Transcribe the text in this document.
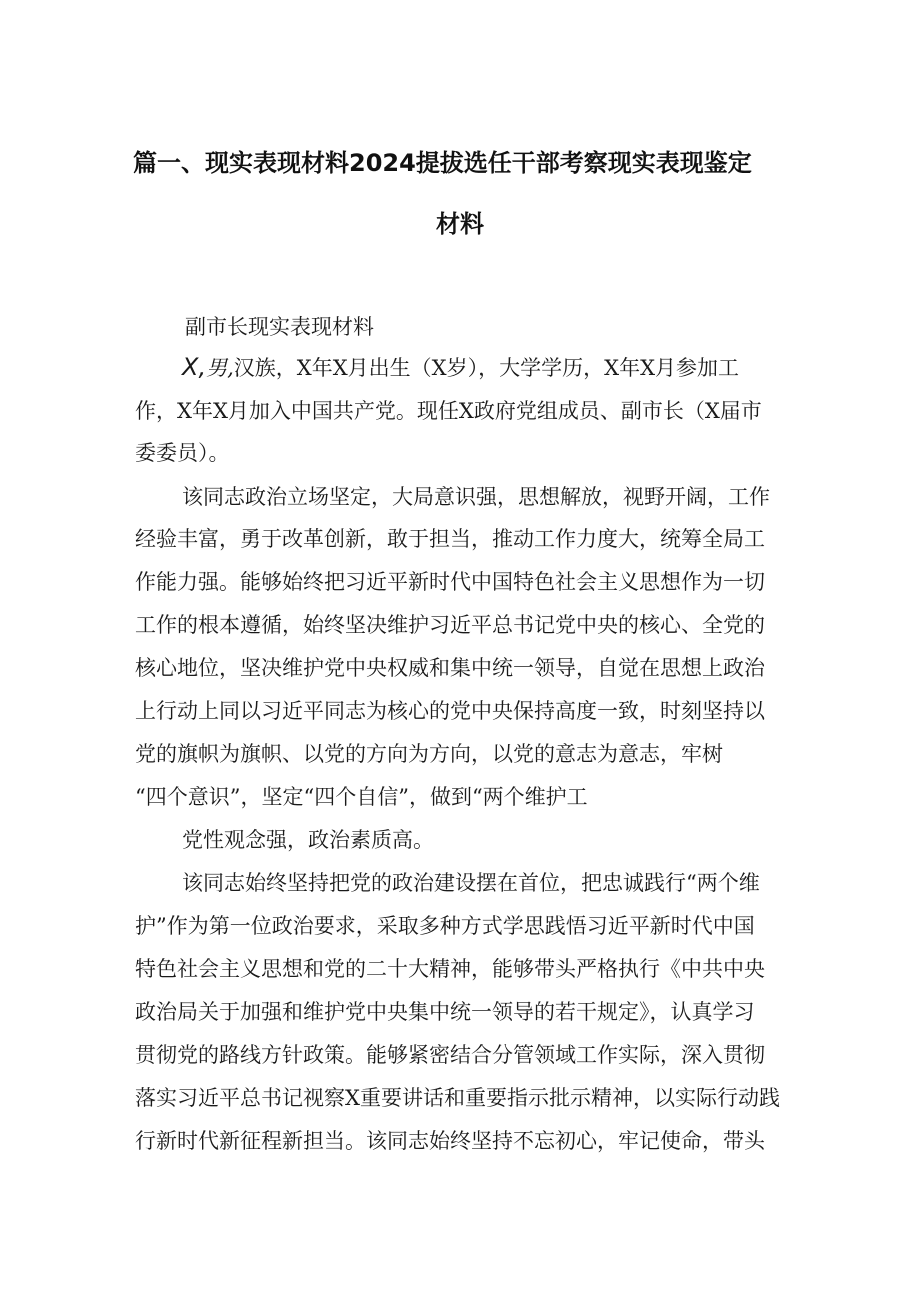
篇一、现实表现材料2024提拔选任干部考察现实表现鉴定
材料

副市长现实表现材料

X,男,汉族，X年X月出生（X岁），大学学历，X年X月参加工

作，X年X月加入中国共产党。现任X政府党组成员、副市长（X届市

委委员）。

该同志政治立场坚定，大局意识强，思想解放，视野开阔，工作

经验丰富，勇于改革创新，敢于担当，推动工作力度大，统筹全局工

作能力强。能够始终把习近平新时代中国特色社会主义思想作为一切

工作的根本遵循，始终坚决维护习近平总书记党中央的核心、全党的

核心地位，坚决维护党中央权威和集中统一领导，自觉在思想上政治

上行动上同以习近平同志为核心的党中央保持高度一致，时刻坚持以

党的旗帜为旗帜、以党的方向为方向，以党的意志为意志，牢树

“四个意识”，坚定“四个自信”，做到“两个维护工

党性观念强，政治素质高。

该同志始终坚持把党的政治建设摆在首位，把忠诚践行“两个维

护”作为第一位政治要求，采取多种方式学思践悟习近平新时代中国

特色社会主义思想和党的二十大精神，能够带头严格执行《中共中央

政治局关于加强和维护党中央集中统一领导的若干规定》，认真学习

贯彻党的路线方针政策。能够紧密结合分管领域工作实际，深入贯彻

落实习近平总书记视察X重要讲话和重要指示批示精神，以实际行动践

行新时代新征程新担当。该同志始终坚持不忘初心，牢记使命，带头
